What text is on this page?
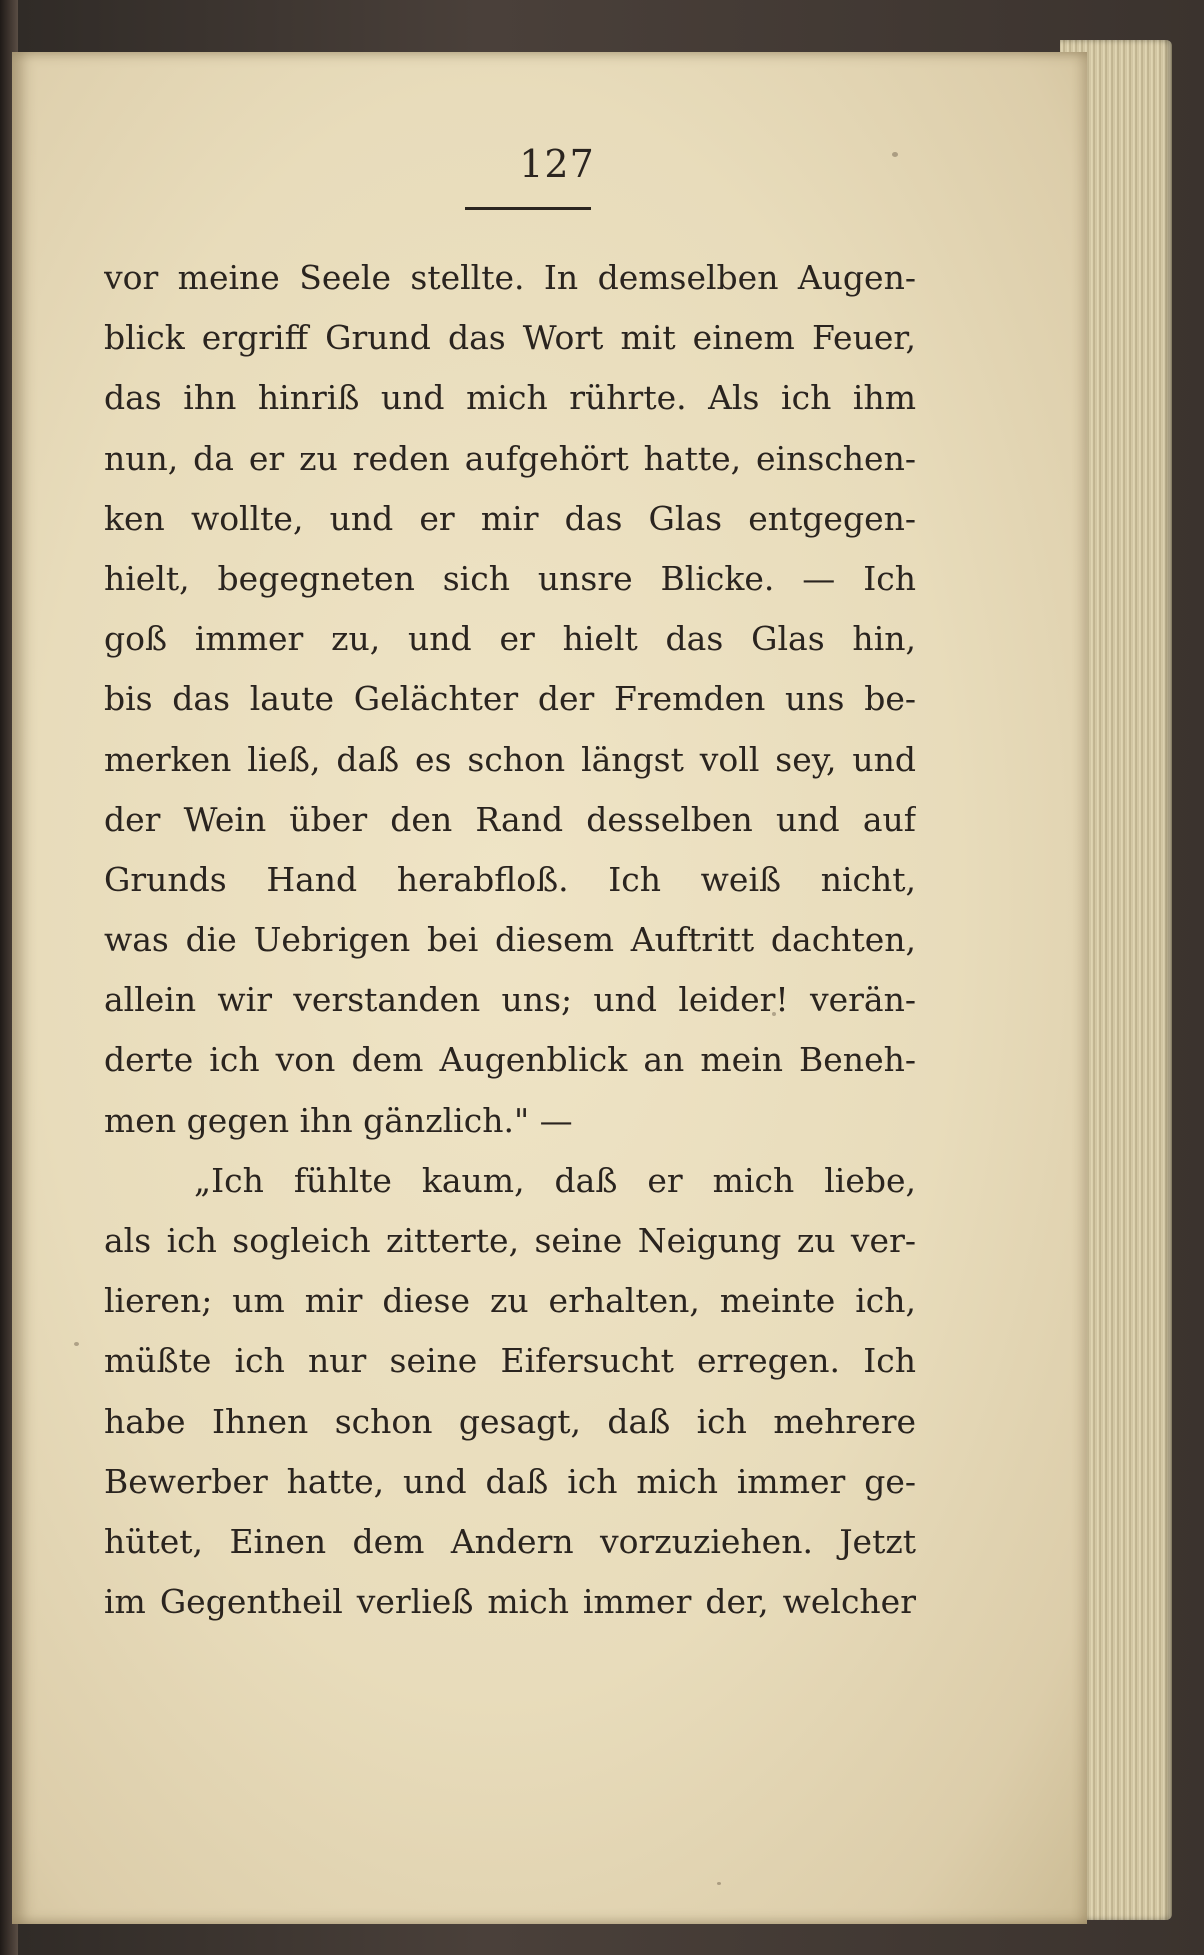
127
vor meine Seele stellte. In demselben Augen-
blick ergriff Grund das Wort mit einem Feuer,
das ihn hinriß und mich rührte. Als ich ihm
nun, da er zu reden aufgehört hatte, einschen-
ken wollte, und er mir das Glas entgegen-
hielt, begegneten sich unsre Blicke. — Ich
goß immer zu, und er hielt das Glas hin,
bis das laute Gelächter der Fremden uns be-
merken ließ, daß es schon längst voll sey, und
der Wein über den Rand desselben und auf
Grunds Hand herabfloß. Ich weiß nicht,
was die Uebrigen bei diesem Auftritt dachten,
allein wir verstanden uns; und leider! verän-
derte ich von dem Augenblick an mein Beneh-
men gegen ihn gänzlich." —
„Ich fühlte kaum, daß er mich liebe,
als ich sogleich zitterte, seine Neigung zu ver-
lieren; um mir diese zu erhalten, meinte ich,
müßte ich nur seine Eifersucht erregen. Ich
habe Ihnen schon gesagt, daß ich mehrere
Bewerber hatte, und daß ich mich immer ge-
hütet, Einen dem Andern vorzuziehen. Jetzt
im Gegentheil verließ mich immer der, welcher
